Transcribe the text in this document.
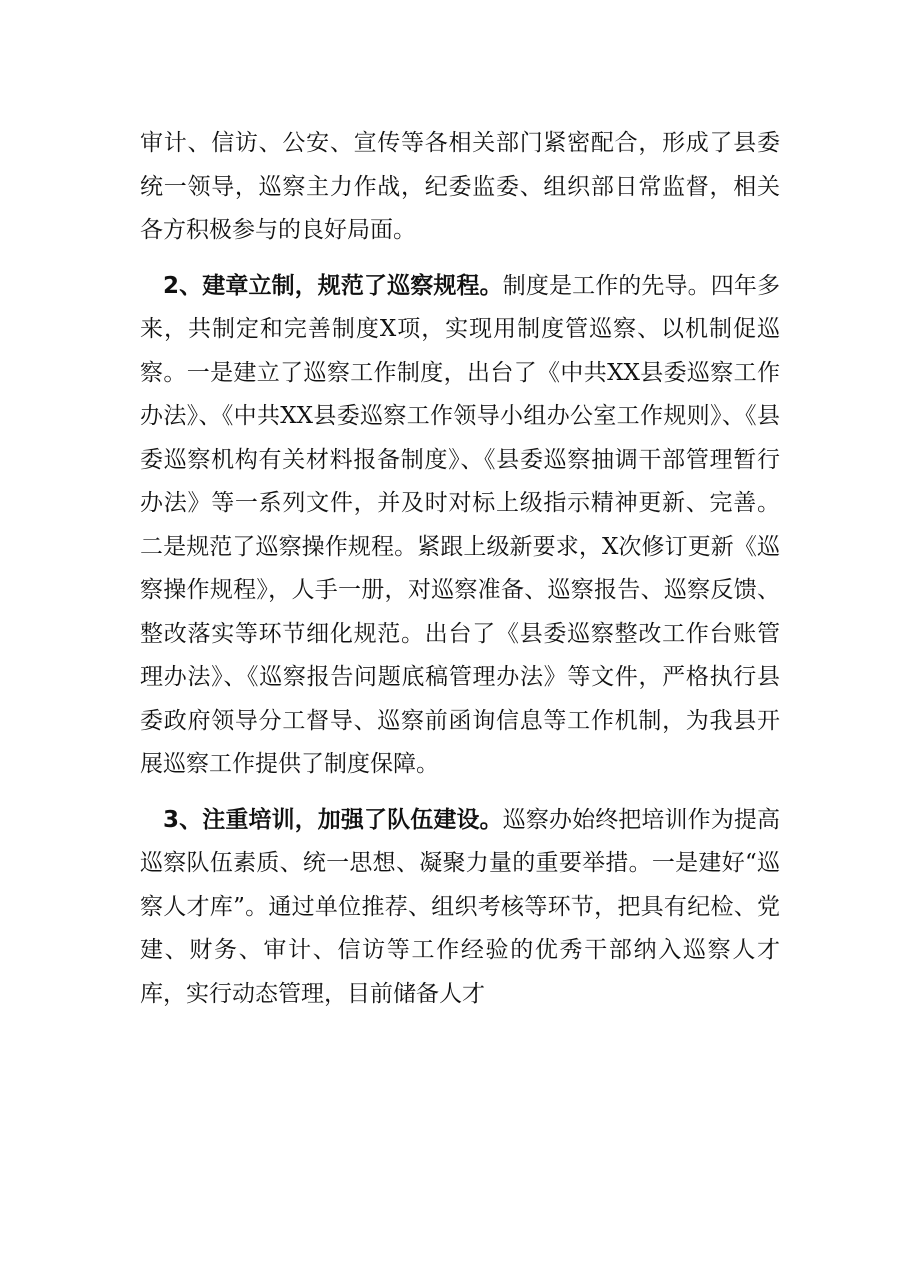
审计、信访、公安、宣传等各相关部门紧密配合，形成了县委统一领导，巡察主力作战，纪委监委、组织部日常监督，相关各方积极参与的良好局面。

2、建章立制，规范了巡察规程。制度是工作的先导。四年多来，共制定和完善制度X项，实现用制度管巡察、以机制促巡察。一是建立了巡察工作制度，出台了《中共XX县委巡察工作办法》、《中共XX县委巡察工作领导小组办公室工作规则》、《县委巡察机构有关材料报备制度》、《县委巡察抽调干部管理暂行办法》等一系列文件，并及时对标上级指示精神更新、完善。二是规范了巡察操作规程。紧跟上级新要求，X次修订更新《巡察操作规程》，人手一册，对巡察准备、巡察报告、巡察反馈、整改落实等环节细化规范。出台了《县委巡察整改工作台账管理办法》、《巡察报告问题底稿管理办法》等文件，严格执行县委政府领导分工督导、巡察前函询信息等工作机制，为我县开展巡察工作提供了制度保障。

3、注重培训，加强了队伍建设。巡察办始终把培训作为提高巡察队伍素质、统一思想、凝聚力量的重要举措。一是建好“巡察人才库”。通过单位推荐、组织考核等环节，把具有纪检、党建、财务、审计、信访等工作经验的优秀干部纳入巡察人才库，实行动态管理，目前储备人才
